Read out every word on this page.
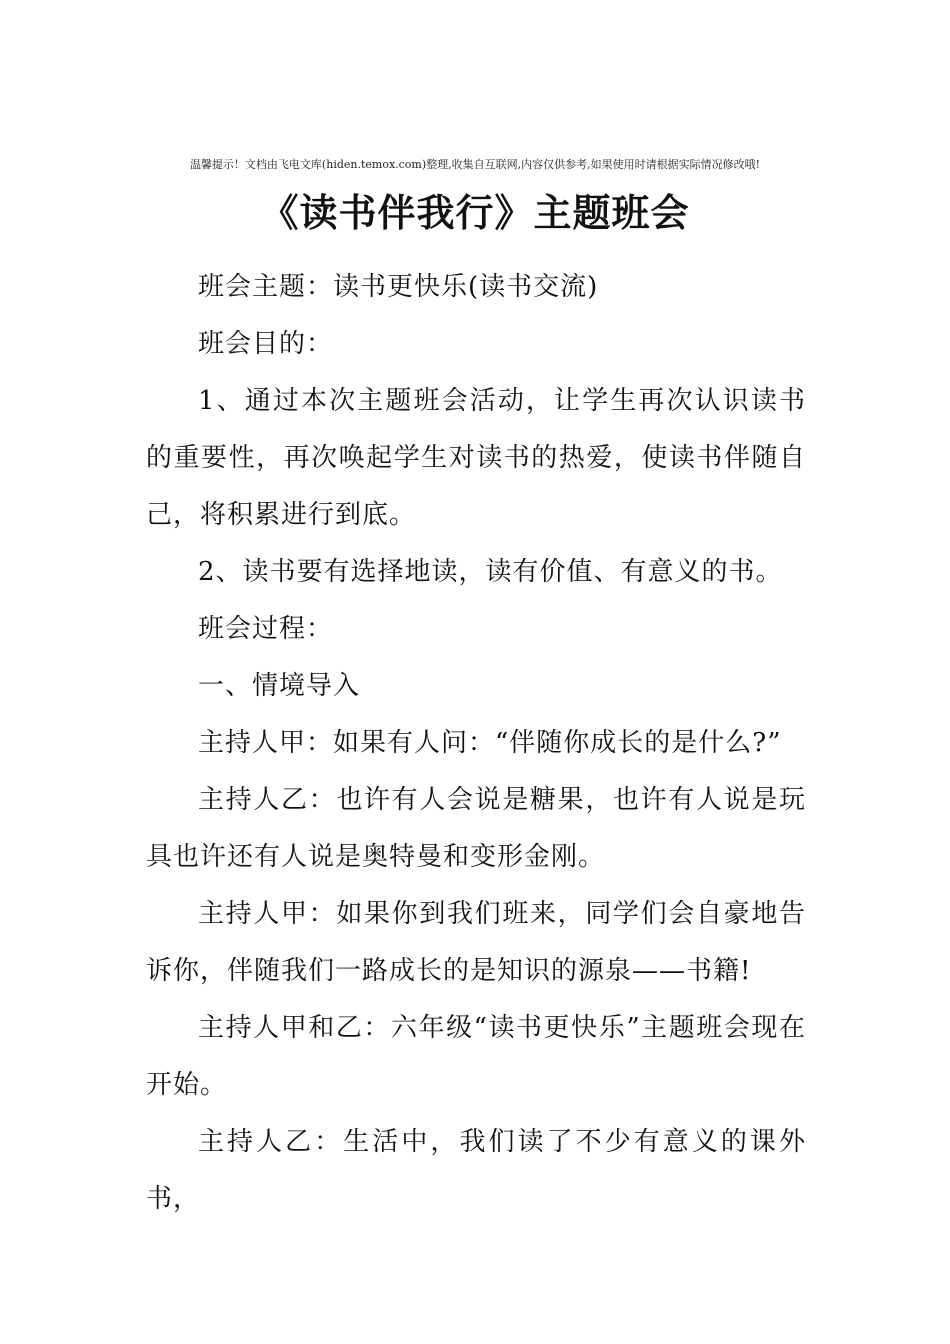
温馨提示！文档由飞电文库(hiden.temox.com)整理,收集自互联网,内容仅供参考,如果使用时请根据实际情况修改哦!
《读书伴我行》主题班会

班会主题：读书更快乐(读书交流)

班会目的：

1、通过本次主题班会活动，让学生再次认识读书的重要性，再次唤起学生对读书的热爱，使读书伴随自己，将积累进行到底。

2、读书要有选择地读，读有价值、有意义的书。

班会过程：

一、情境导入

主持人甲：如果有人问：“伴随你成长的是什么?”

主持人乙：也许有人会说是糖果，也许有人说是玩具也许还有人说是奥特曼和变形金刚。

主持人甲：如果你到我们班来，同学们会自豪地告诉你，伴随我们一路成长的是知识的源泉——书籍!

主持人甲和乙：六年级“读书更快乐”主题班会现在开始。

主持人乙：生活中，我们读了不少有意义的课外书，
